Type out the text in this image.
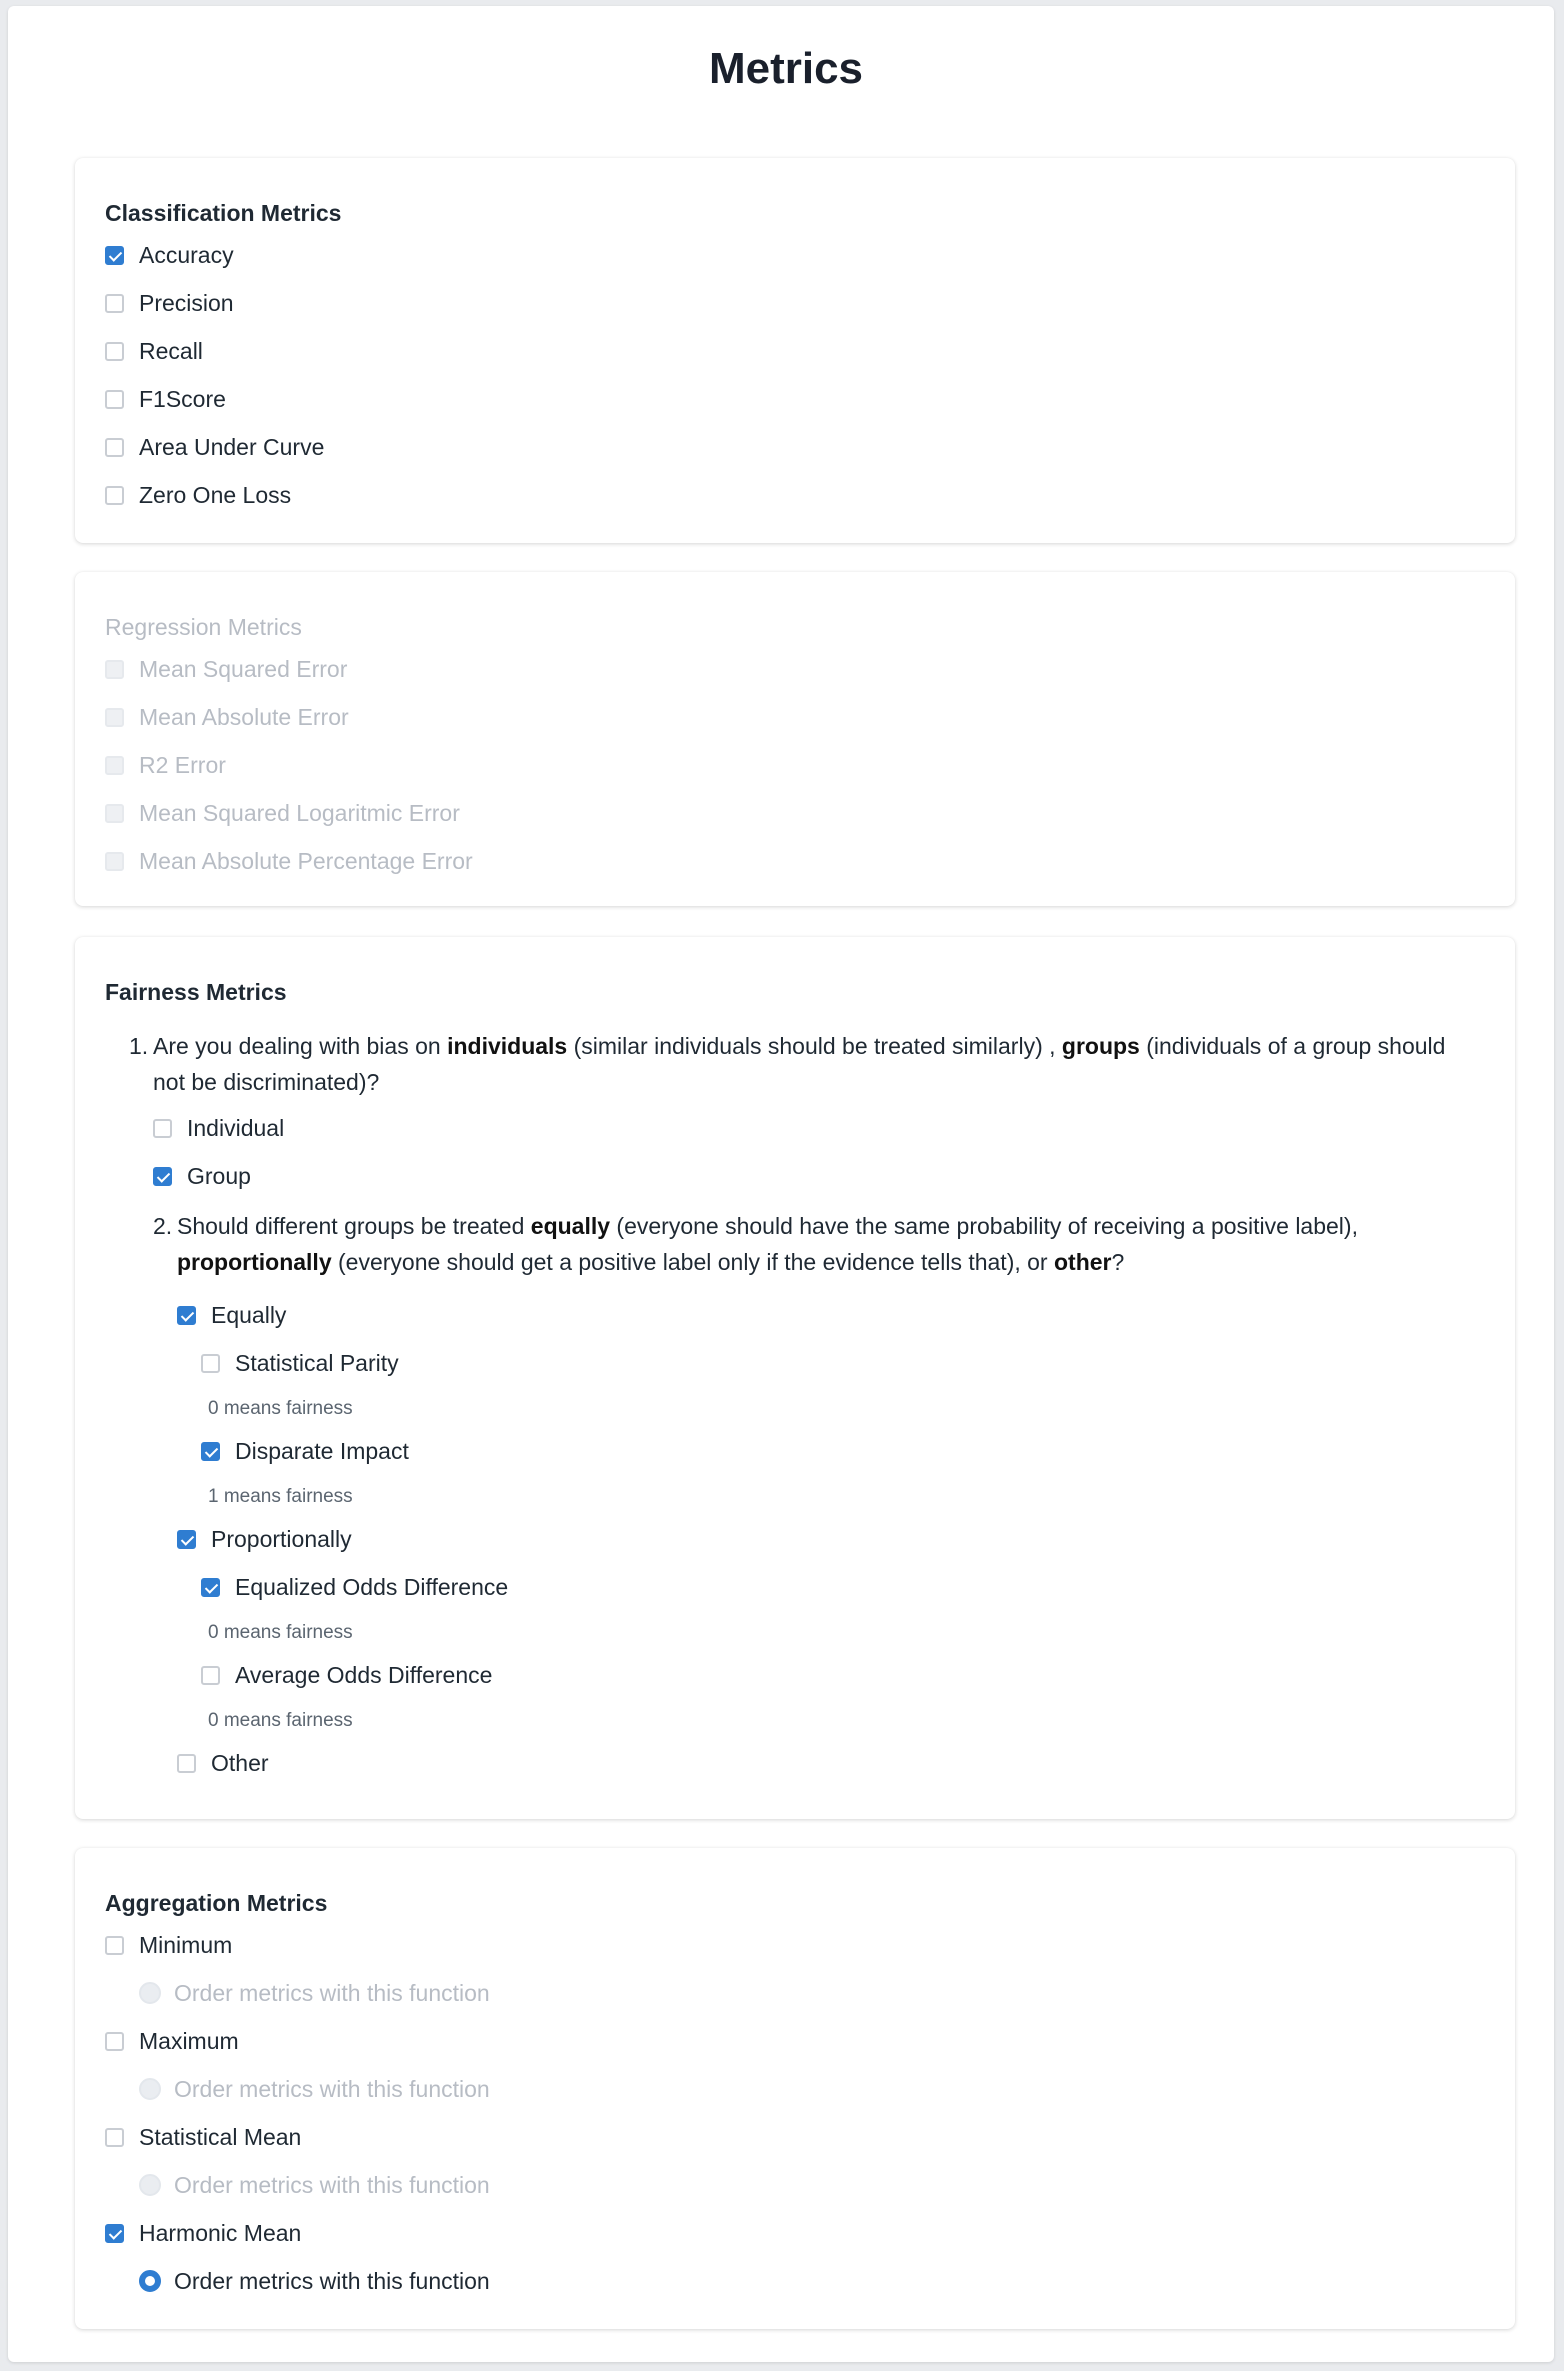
Metrics
Classification Metrics
Accuracy
Precision
Recall
F1Score
Area Under Curve
Zero One Loss
Regression Metrics
Mean Squared Error
Mean Absolute Error
R2 Error
Mean Squared Logaritmic Error
Mean Absolute Percentage Error
Fairness Metrics
1. Are you dealing with bias on individuals (similar individuals should be treated similarly) , groups (individuals of a group should not be discriminated)?
Individual
Group
2. Should different groups be treated equally (everyone should have the same probability of receiving a positive label), proportionally (everyone should get a positive label only if the evidence tells that), or other?
Equally
Statistical Parity
0 means fairness
Disparate Impact
1 means fairness
Proportionally
Equalized Odds Difference
0 means fairness
Average Odds Difference
0 means fairness
Other
Aggregation Metrics
Minimum
Order metrics with this function
Maximum
Order metrics with this function
Statistical Mean
Order metrics with this function
Harmonic Mean
Order metrics with this function
